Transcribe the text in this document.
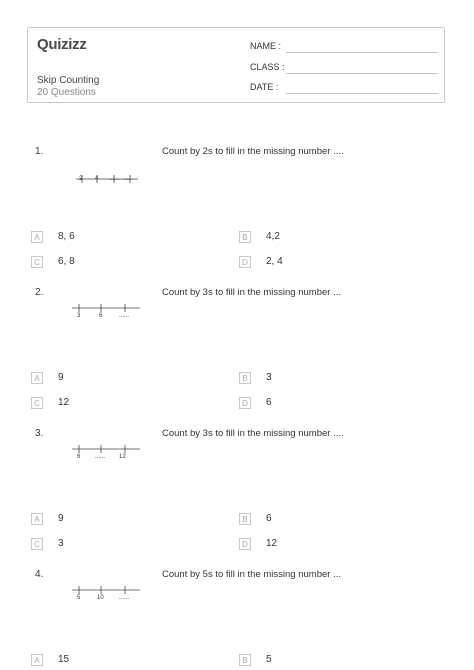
Quizizz
Skip Counting
20 Questions
NAME :
CLASS :
DATE :
1.	Count by 2s to fill in the missing number ....
2 4 ...... ......
A	8, 6	B	4,2
C	6, 8	D	2, 4
2.	Count by 3s to fill in the missing number ...
3	6	......
A	9	B	3
C	12	D	6
3.	Count by 3s to fill in the missing number ....
6 ...... 12
A	9	B	6
C	3	D	12
4.	Count by 5s to fill in the missing number ...
5	10	......
A	15	B	5
